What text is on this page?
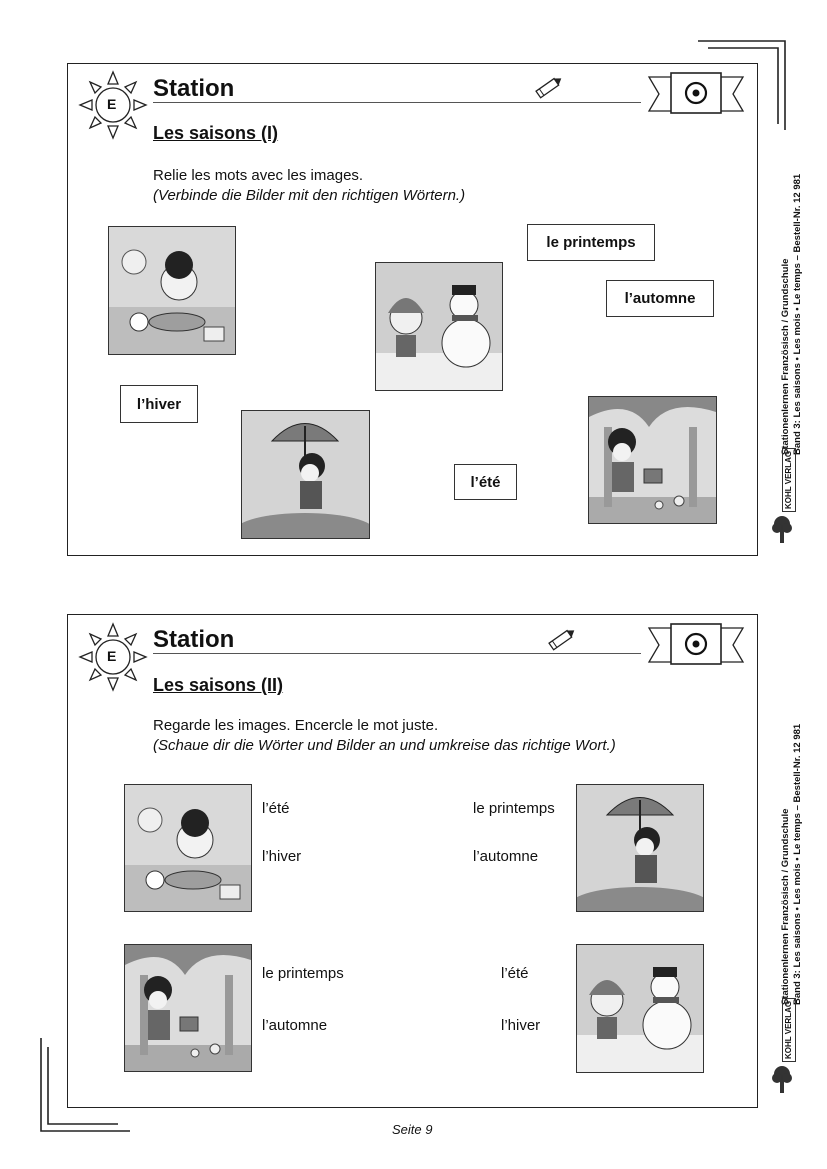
E
Station
Les saisons (I)
Relie les mots avec les images.
(Verbinde die Bilder mit den richtigen Wörtern.)
le printemps
l’automne
l’hiver
l’été
E
Station
Les saisons (II)
Regarde les images. Encercle le mot juste.
(Schaue dir die Wörter und Bilder an und umkreise das richtige Wort.)
l’été
l’hiver
le printemps
l’automne
le printemps
l’automne
l’été
l’hiver
Stationenlernen Französisch / Grundschule Band 3: Les saisons • Les mois • Le temps – Bestell-Nr. 12 981
Stationenlernen Französisch / Grundschule Band 3: Les saisons • Les mois • Le temps – Bestell-Nr. 12 981
KOHL VERLAG
KOHL VERLAG
Seite 9
